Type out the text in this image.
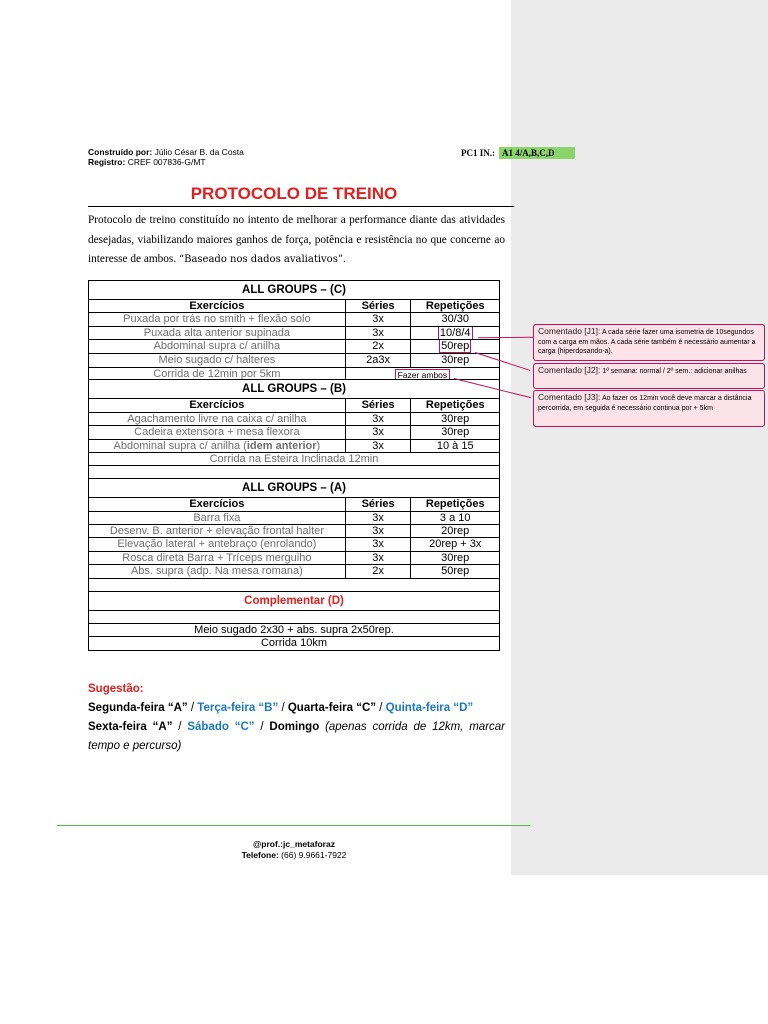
Construído por: Júlio César B. da Costa
Registro: CREF 007836-G/MT
PC1 IN.: A1 4/A,B,C,D
PROTOCOLO DE TREINO
Protocolo de treino constituído no intento de melhorar a performance diante das atividades desejadas, viabilizando maiores ganhos de força, potência e resistência no que concerne ao interesse de ambos. “Baseado nos dados avaliativos”.
ALL GROUPS – (C)
Exercícios	Séries	Repetições
Puxada por trás no smith + flexão solo	3x	30/30
Puxada alta anterior supinada	3x	10/8/4
Abdominal supra c/ anilha	2x	50rep
Meio sugado c/ halteres	2a3x	30rep
Corrida de 12min por 5km	Fazer ambos
ALL GROUPS – (B)
Exercícios	Séries	Repetições
Agachamento livre na caixa c/ anilha	3x	30rep
Cadeira extensora + mesa flexora	3x	30rep
Abdominal supra c/ anilha (idem anterior)	3x	10 à 15
Corrida na Esteira Inclinada 12min
ALL GROUPS – (A)
Exercícios	Séries	Repetições
Barra fixa	3x	3 a 10
Desenv. B. anterior + elevação frontal halter	3x	20rep
Elevação lateral + antebraço (enrolando)	3x	20rep + 3x
Rosca direta Barra + Tríceps merguiho	3x	30rep
Abs. supra (adp. Na mesa romana)	2x	50rep
Complementar (D)
Meio sugado 2x30 + abs. supra 2x50rep.
Corrida 10km
Sugestão:
Segunda-feira “A” / Terça-feira “B” / Quarta-feira “C” / Quinta-feira “D”
Sexta-feira “A” / Sábado “C” / Domingo (apenas corrida de 12km, marcar tempo e percurso)
@prof.:jc_metaforaz
Telefone: (66) 9.9661-7922
Comentado [J1]: A cada série fazer uma isometria de 10segundos com a carga em mãos. A cada série também é necessário aumentar a carga (hiperdosando-a).
Comentado [J2]: 1º semana: normal / 2º sem.: adicionar anilhas
Comentado [J3]: Ao fazer os 12min você deve marcar a distância percorrida, em seguida é necessário continua por + 5km
